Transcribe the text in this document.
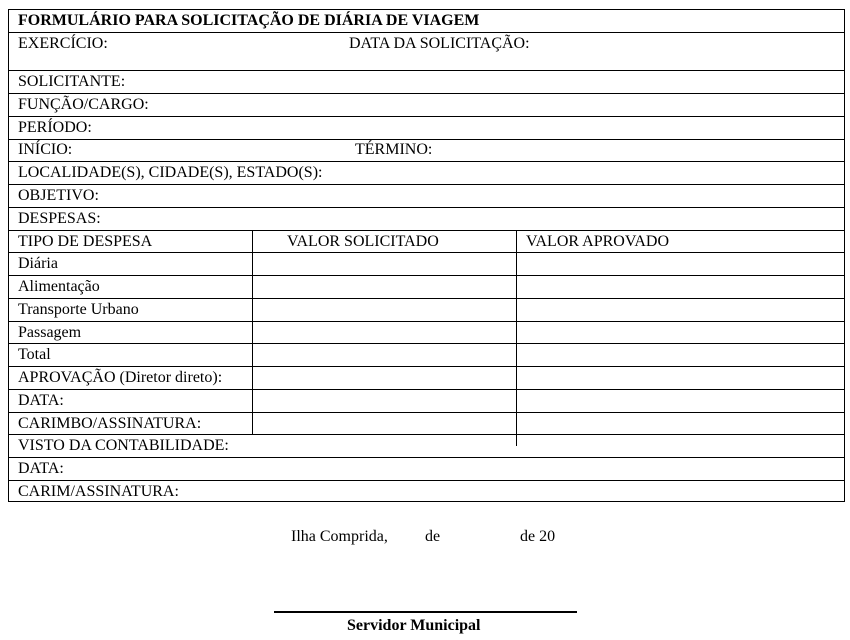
FORMULÁRIO PARA SOLICITAÇÃO DE DIÁRIA DE VIAGEM
EXERCÍCIO:	DATA DA SOLICITAÇÃO:
SOLICITANTE:
FUNÇÃO/CARGO:
PERÍODO:
INÍCIO:	TÉRMINO:
LOCALIDADE(S), CIDADE(S), ESTADO(S):
OBJETIVO:
DESPESAS:
TIPO DE DESPESA	VALOR SOLICITADO	VALOR APROVADO
Diária
Alimentação
Transporte Urbano
Passagem
Total
APROVAÇÃO (Diretor direto):
DATA:
CARIMBO/ASSINATURA:
VISTO DA CONTABILIDADE:
DATA:
CARIM/ASSINATURA:
Ilha Comprida, de	de 20
Servidor Municipal
